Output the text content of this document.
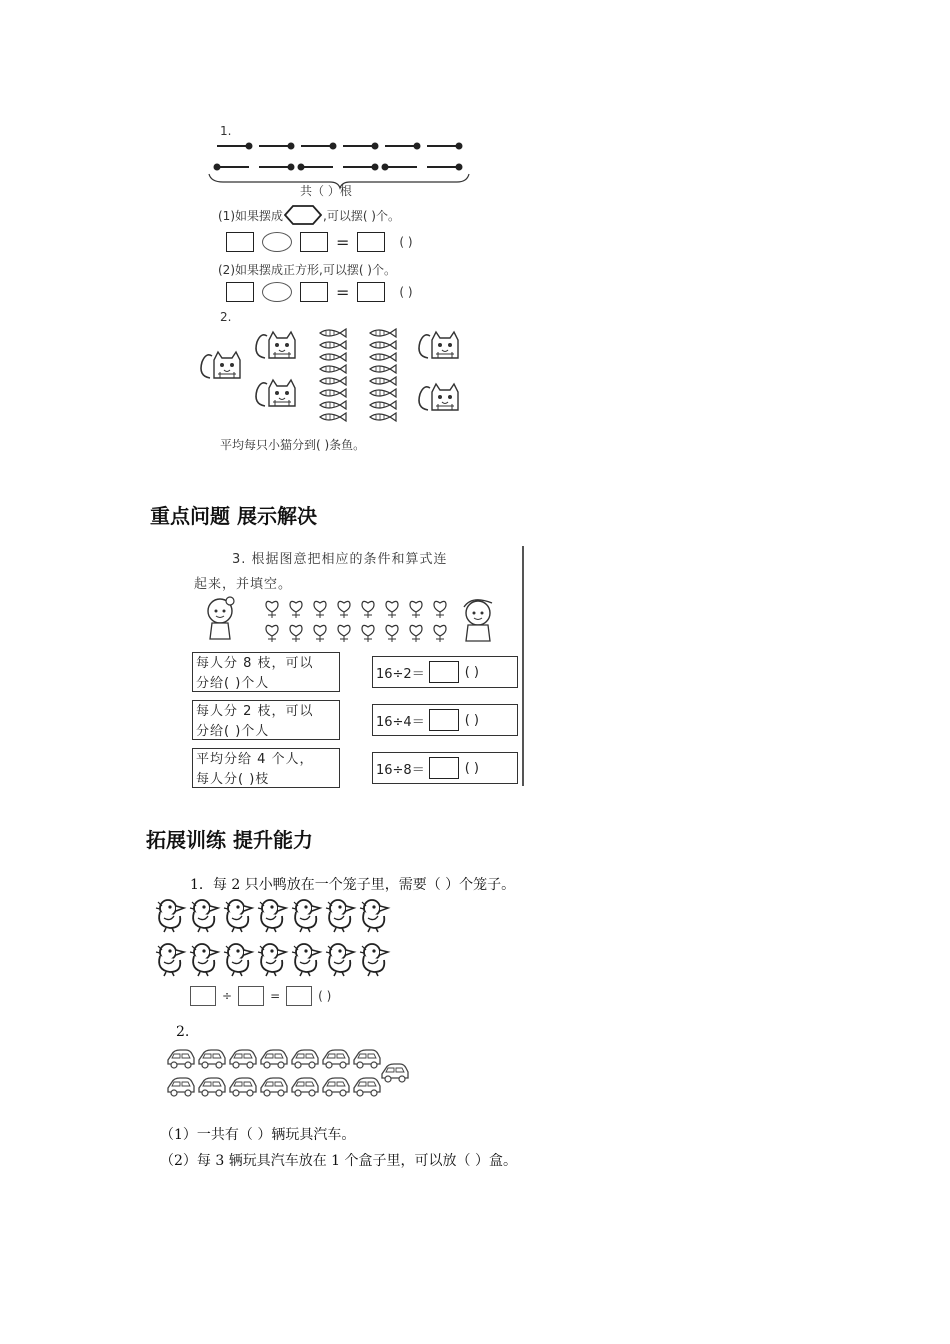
1.
共（ ）根
(1)如果摆成	,可以摆( )个。
=	( )
(2)如果摆成正方形,可以摆( )个。
=	( )
2.
平均每只小猫分到( )条鱼。
重点问题 展示解决
3. 根据图意把相应的条件和算式连
起来，并填空。
每人分 8 枝，可以
分给( )个人
每人分 2 枝，可以
分给( )个人
平均分给 4 个人，
每人分( )枝
16÷2＝	( )
16÷4＝	( )
16÷8＝	( )
拓展训练 提升能力
1．每 2 只小鸭放在一个笼子里，需要（ ）个笼子。
÷	=	( )
2.
（1）一共有（ ）辆玩具汽车。
（2）每 3 辆玩具汽车放在 1 个盒子里，可以放（ ）盒。
